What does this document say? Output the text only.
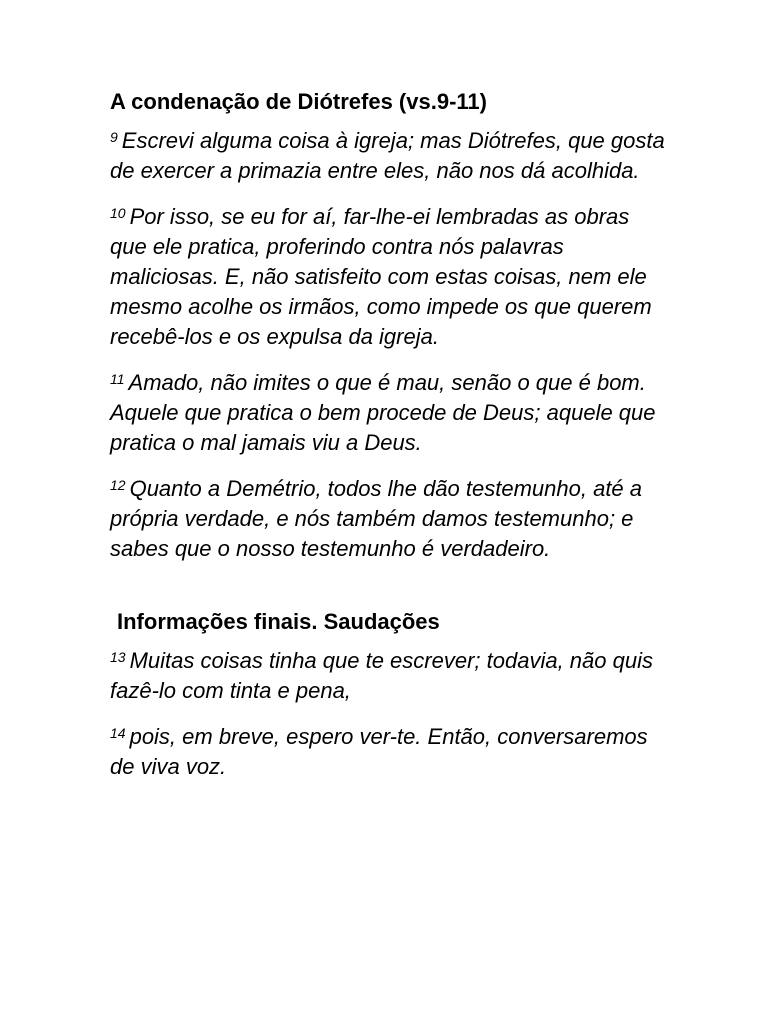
A condenação de Diótrefes (vs.9-11)

$^9$ Escrevi alguma coisa à igreja; mas Diótrefes, que gosta de exercer a primazia entre eles, não nos dá acolhida.

$^{10}$ Por isso, se eu for aí, far-lhe-ei lembradas as obras que ele pratica, proferindo contra nós palavras maliciosas. E, não satisfeito com estas coisas, nem ele mesmo acolhe os irmãos, como impede os que querem recebê-los e os expulsa da igreja.

$^{11}$ Amado, não imites o que é mau, senão o que é bom. Aquele que pratica o bem procede de Deus; aquele que pratica o mal jamais viu a Deus.

$^{12}$ Quanto a Demétrio, todos lhe dão testemunho, até a própria verdade, e nós também damos testemunho; e sabes que o nosso testemunho é verdadeiro.

Informações finais. Saudações

$^{13}$ Muitas coisas tinha que te escrever; todavia, não quis fazê-lo com tinta e pena,

$^{14}$ pois, em breve, espero ver-te. Então, conversaremos de viva voz.
